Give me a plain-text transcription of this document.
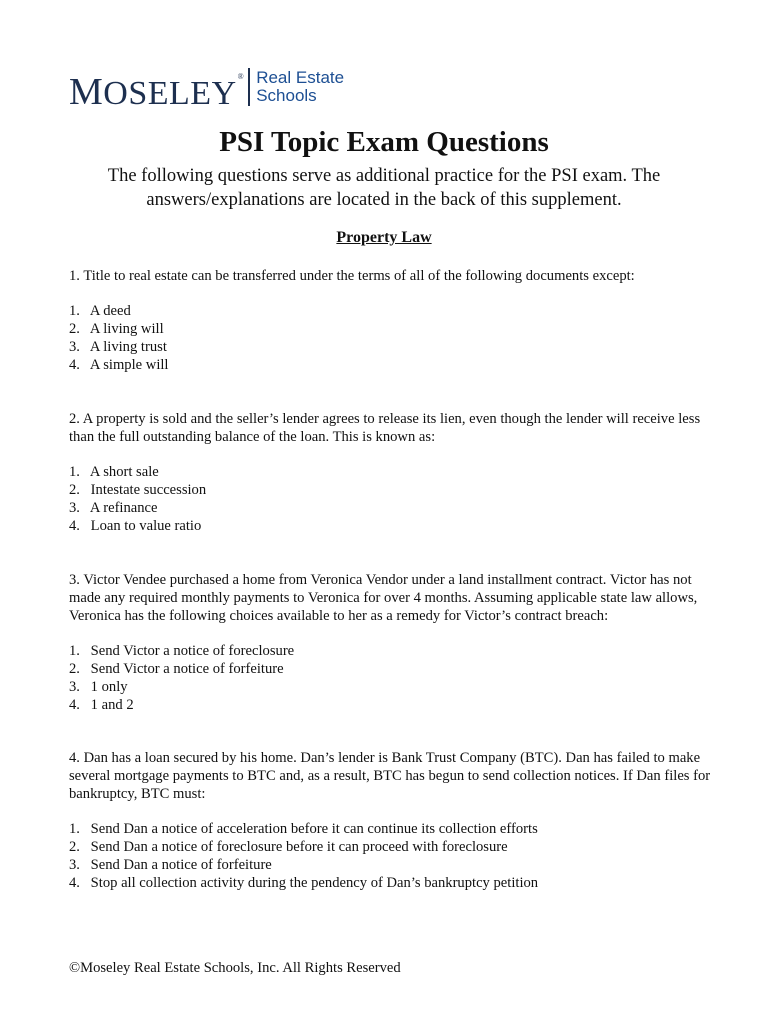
MOSELEY® Real Estate
Schools
PSI Topic Exam Questions

The following questions serve as additional practice for the PSI exam. The answers/explanations are located in the back of this supplement.

Property Law

1. Title to real estate can be transferred under the terms of all of the following documents except:

1. A deed
2. A living will
3. A living trust
4. A simple will

2. A property is sold and the seller’s lender agrees to release its lien, even though the lender will receive less than the full outstanding balance of the loan. This is known as:

1. A short sale
2. Intestate succession
3. A refinance
4. Loan to value ratio

3. Victor Vendee purchased a home from Veronica Vendor under a land installment contract. Victor has not made any required monthly payments to Veronica for over 4 months. Assuming applicable state law allows, Veronica has the following choices available to her as a remedy for Victor’s contract breach:

1. Send Victor a notice of foreclosure
2. Send Victor a notice of forfeiture
3. 1 only
4. 1 and 2

4. Dan has a loan secured by his home. Dan’s lender is Bank Trust Company (BTC). Dan has failed to make several mortgage payments to BTC and, as a result, BTC has begun to send collection notices. If Dan files for bankruptcy, BTC must:

1. Send Dan a notice of acceleration before it can continue its collection efforts
2. Send Dan a notice of foreclosure before it can proceed with foreclosure
3. Send Dan a notice of forfeiture
4. Stop all collection activity during the pendency of Dan’s bankruptcy petition
©Moseley Real Estate Schools, Inc. All Rights Reserved
